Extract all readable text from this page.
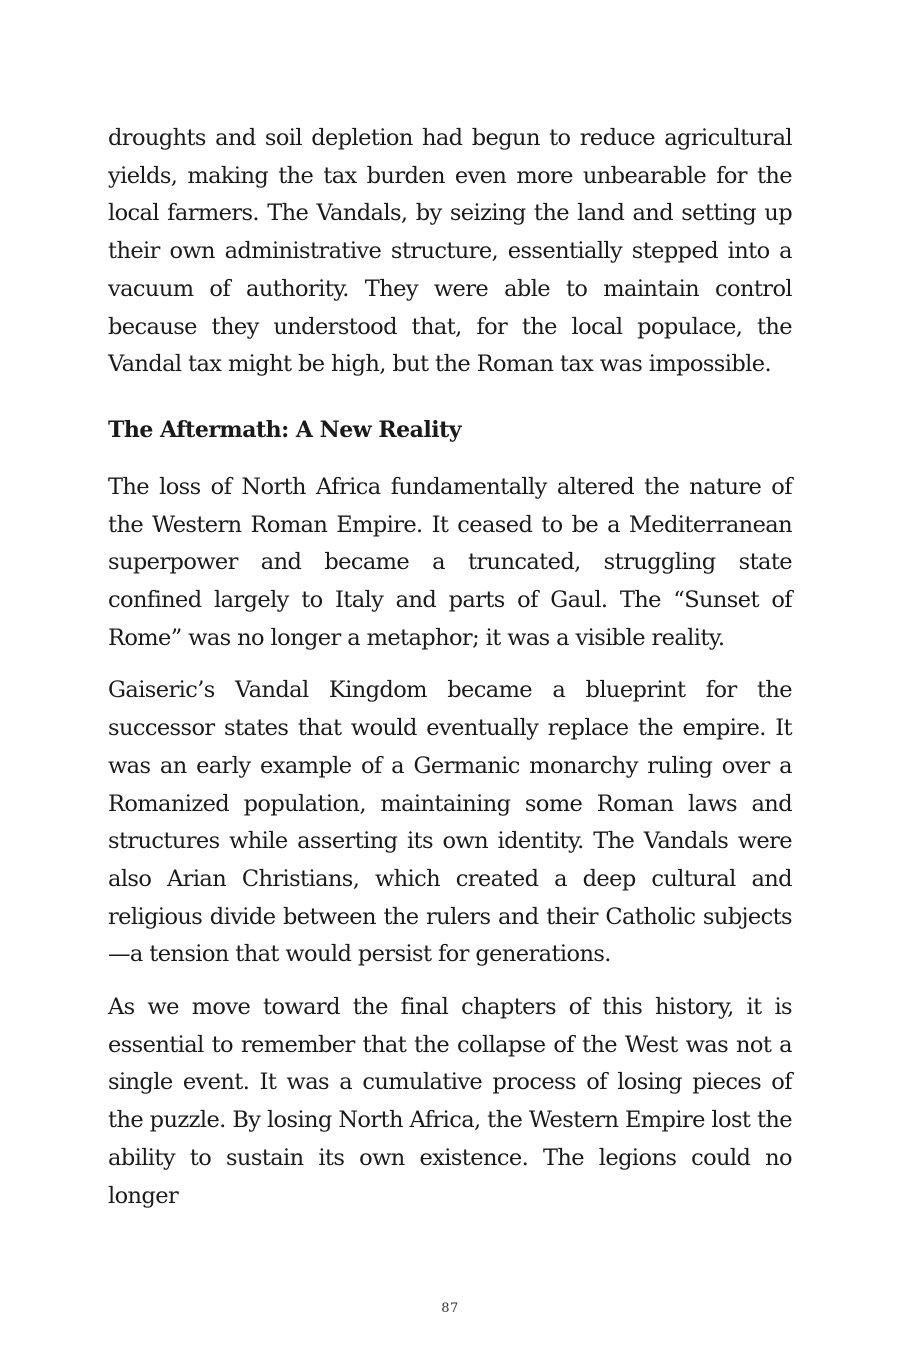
droughts and soil depletion had begun to reduce agricultural yields, making the tax burden even more unbearable for the local farmers. The Vandals, by seizing the land and setting up their own administrative structure, essentially stepped into a vacuum of authority. They were able to maintain control because they understood that, for the local populace, the Vandal tax might be high, but the Roman tax was impossible.

The Aftermath: A New Reality

The loss of North Africa fundamentally altered the nature of the Western Roman Empire. It ceased to be a Mediterranean superpower and became a truncated, struggling state confined largely to Italy and parts of Gaul. The “Sunset of Rome” was no longer a metaphor; it was a visible reality.

Gaiseric’s Vandal Kingdom became a blueprint for the successor states that would eventually replace the empire. It was an early example of a Germanic monarchy ruling over a Romanized population, maintaining some Roman laws and structures while asserting its own identity. The Vandals were also Arian Christians, which created a deep cultural and religious divide between the rulers and their Catholic subjects—a tension that would persist for generations.

As we move toward the final chapters of this history, it is essential to remember that the collapse of the West was not a single event. It was a cumulative process of losing pieces of the puzzle. By losing North Africa, the Western Empire lost the ability to sustain its own existence. The legions could no longer

87
